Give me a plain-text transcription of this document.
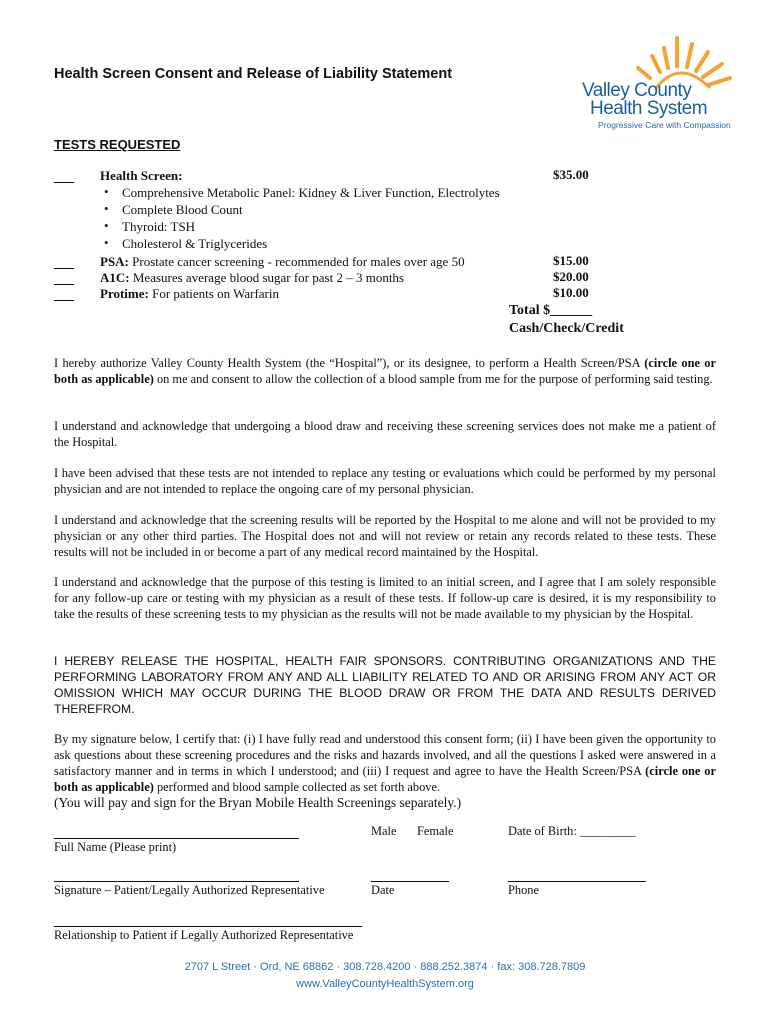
Health Screen Consent and Release of Liability Statement
Valley County
Health System
Progressive Care with Compassion
TESTS REQUESTED
Health Screen:	$35.00
• Comprehensive Metabolic Panel: Kidney & Liver Function, Electrolytes
• Complete Blood Count
• Thyroid: TSH
• Cholesterol & Triglycerides
PSA: Prostate cancer screening - recommended for males over age 50	$15.00
A1C: Measures average blood sugar for past 2 – 3 months	$20.00
Protime: For patients on Warfarin	$10.00
Total $______
Cash/Check/Credit
I hereby authorize Valley County Health System (the “Hospital”), or its designee, to perform a Health Screen/PSA (circle one or both as applicable) on me and consent to allow the collection of a blood sample from me for the purpose of performing said testing.
I understand and acknowledge that undergoing a blood draw and receiving these screening services does not make me a patient of the Hospital.
I have been advised that these tests are not intended to replace any testing or evaluations which could be performed by my personal physician and are not intended to replace the ongoing care of my personal physician.
I understand and acknowledge that the screening results will be reported by the Hospital to me alone and will not be provided to my physician or any other third parties. The Hospital does not and will not review or retain any records related to these tests. These results will not be included in or become a part of any medical record maintained by the Hospital.
I understand and acknowledge that the purpose of this testing is limited to an initial screen, and I agree that I am solely responsible for any follow-up care or testing with my physician as a result of these tests. If follow-up care is desired, it is my responsibility to take the results of these screening tests to my physician as the results will not be made available to my physician by the Hospital.
I HEREBY RELEASE THE HOSPITAL, HEALTH FAIR SPONSORS. CONTRIBUTING ORGANIZATIONS AND THE PERFORMING LABORATORY FROM ANY AND ALL LIABILITY RELATED TO AND OR ARISING FROM ANY ACT OR OMISSION WHICH MAY OCCUR DURING THE BLOOD DRAW OR FROM THE DATA AND RESULTS DERIVED THEREFROM.
By my signature below, I certify that: (i) I have fully read and understood this consent form; (ii) I have been given the opportunity to ask questions about these screening procedures and the risks and hazards involved, and all the questions I asked were answered in a satisfactory manner and in terms in which I understood; and (iii) I request and agree to have the Health Screen/PSA (circle one or both as applicable) performed and blood sample collected as set forth above.
(You will pay and sign for the Bryan Mobile Health Screenings separately.)
Full Name (Please print)
Male Female	Date of Birth: _________
Signature – Patient/Legally Authorized Representative	Date	Phone
Relationship to Patient if Legally Authorized Representative
2707 L Street · Ord, NE 68862 · 308.728.4200 · 888.252.3874 · fax: 308.728.7809
www.ValleyCountyHealthSystem.org
